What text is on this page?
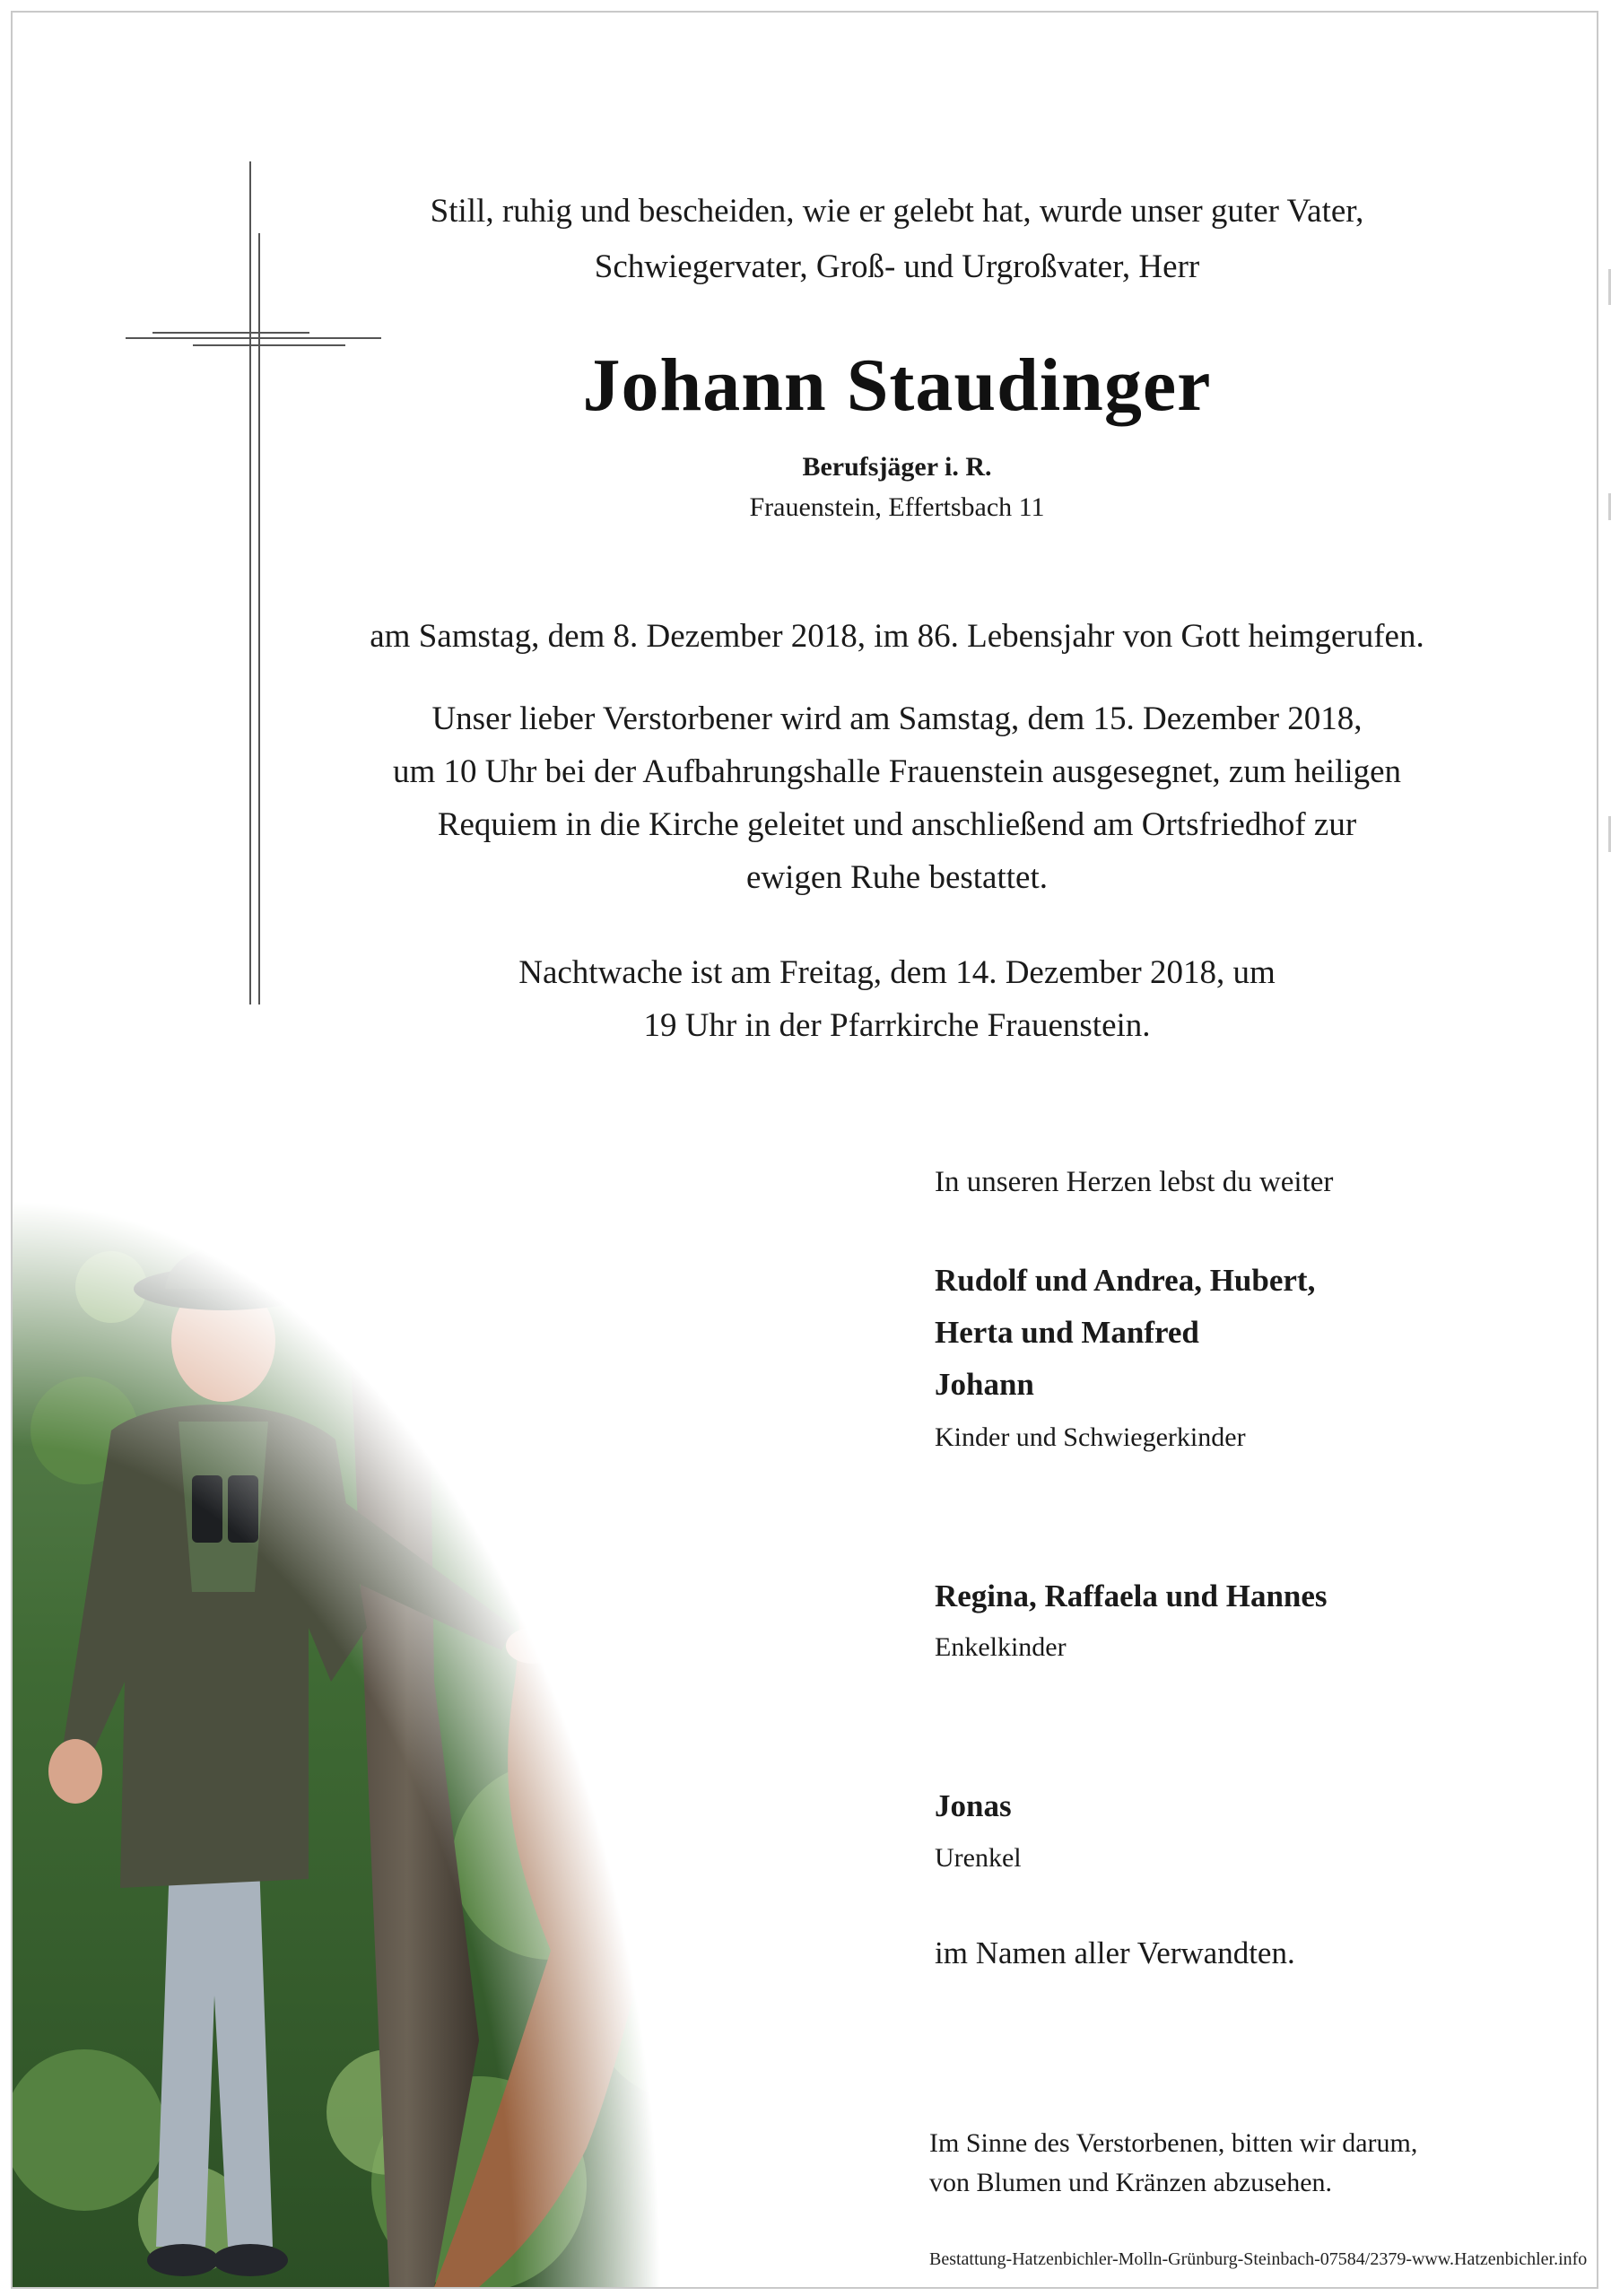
Still, ruhig und bescheiden, wie er gelebt hat, wurde unser guter Vater,
Schwiegervater, Groß- und Urgroßvater, Herr
Johann Staudinger
Berufsjäger i. R.
Frauenstein, Effertsbach 11
am Samstag, dem 8. Dezember 2018, im 86. Lebensjahr von Gott heimgerufen.
Unser lieber Verstorbener wird am Samstag, dem 15. Dezember 2018,
um 10 Uhr bei der Aufbahrungshalle Frauenstein ausgesegnet, zum heiligen
Requiem in die Kirche geleitet und anschließend am Ortsfriedhof zur
ewigen Ruhe bestattet.
Nachtwache ist am Freitag, dem 14. Dezember 2018, um
19 Uhr in der Pfarrkirche Frauenstein.
In unseren Herzen lebst du weiter
Rudolf und Andrea, Hubert,
Herta und Manfred
Johann
Kinder und Schwiegerkinder
Regina, Raffaela und Hannes
Enkelkinder
Jonas
Urenkel
im Namen aller Verwandten.
Im Sinne des Verstorbenen, bitten wir darum,
von Blumen und Kränzen abzusehen.
Bestattung-Hatzenbichler-Molln-Grünburg-Steinbach-07584/2379-www.Hatzenbichler.info
